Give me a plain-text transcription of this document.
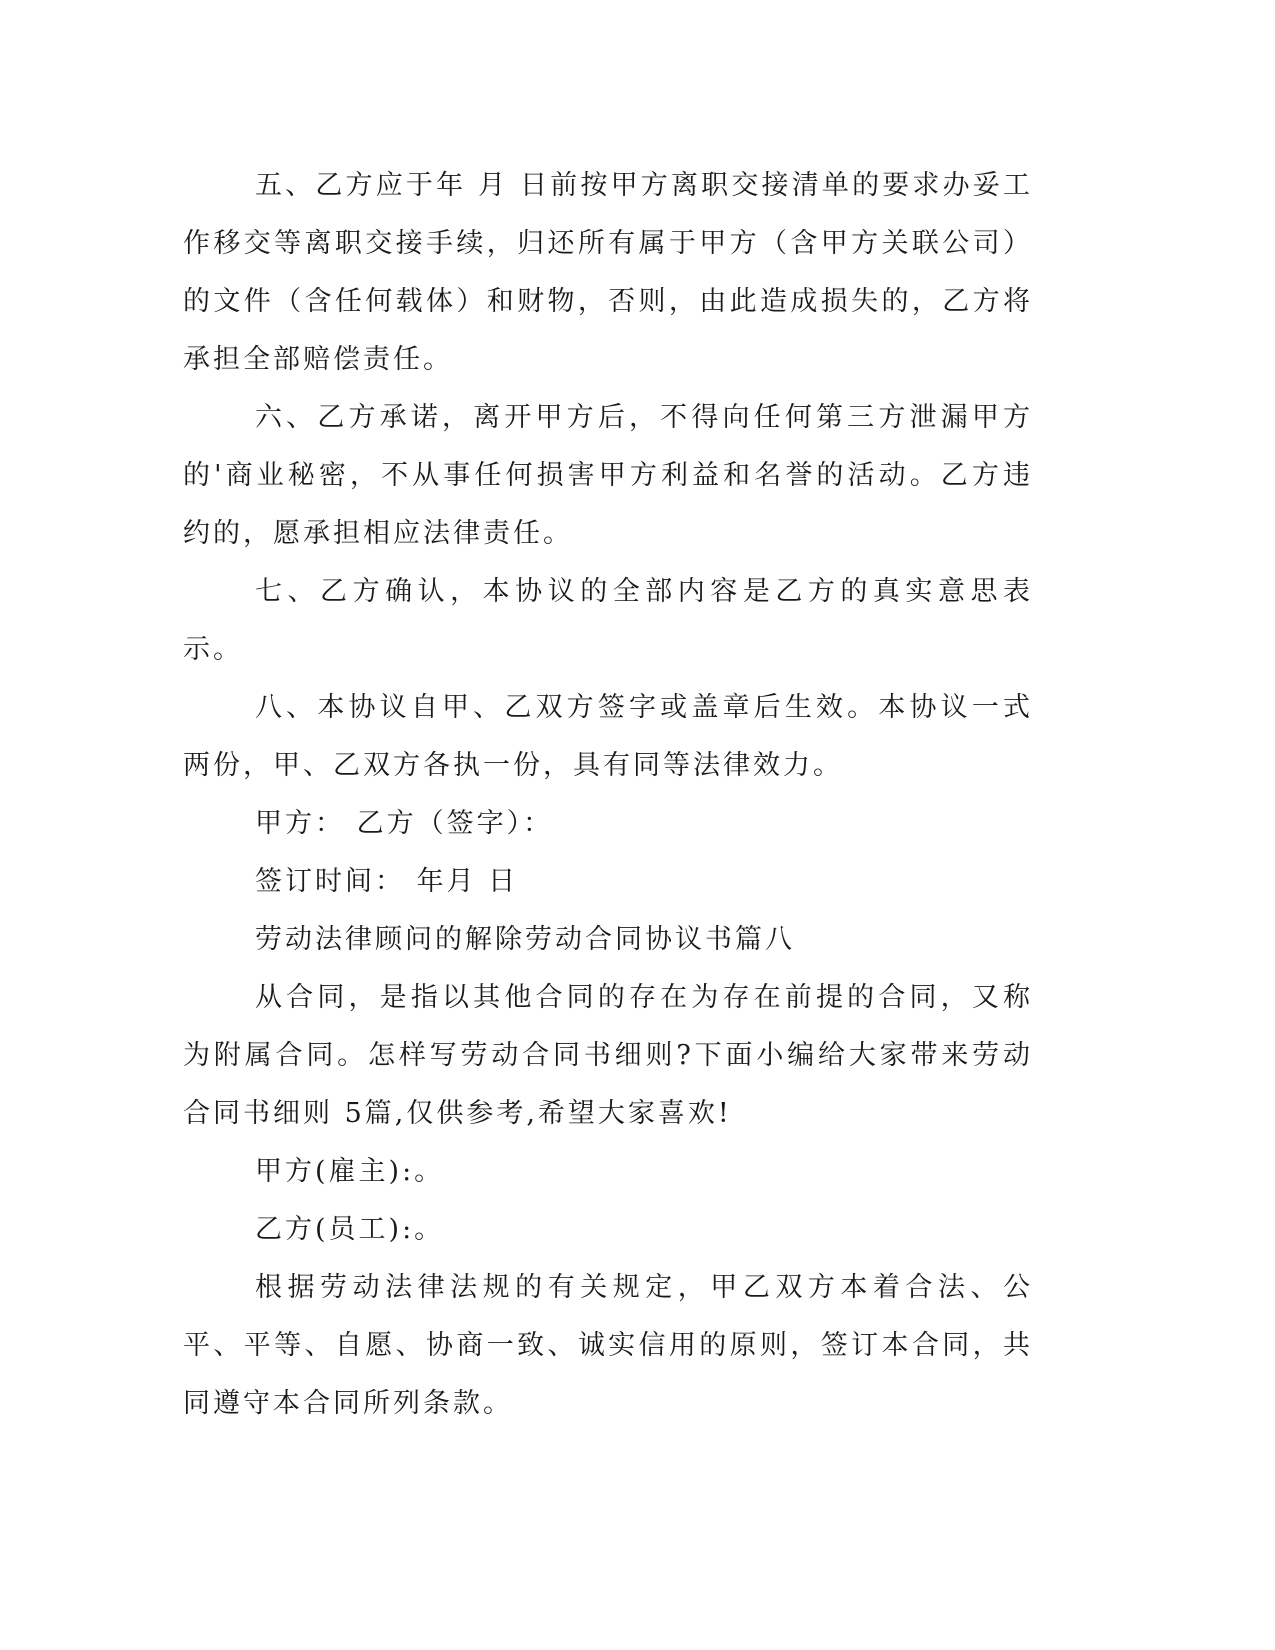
五、乙方应于年 月 日前按甲方离职交接清单的要求办妥工作移交等离职交接手续，归还所有属于甲方（含甲方关联公司）的文件（含任何载体）和财物，否则，由此造成损失的，乙方将承担全部赔偿责任。

六、乙方承诺，离开甲方后，不得向任何第三方泄漏甲方的'商业秘密，不从事任何损害甲方利益和名誉的活动。乙方违约的，愿承担相应法律责任。

七、乙方确认，本协议的全部内容是乙方的真实意思表示。

八、本协议自甲、乙双方签字或盖章后生效。本协议一式两份，甲、乙双方各执一份，具有同等法律效力。

甲方： 乙方（签字）：

签订时间： 年月 日

劳动法律顾问的解除劳动合同协议书篇八

从合同，是指以其他合同的存在为存在前提的合同，又称为附属合同。怎样写劳动合同书细则?下面小编给大家带来劳动合同书细则 5篇,仅供参考,希望大家喜欢!

甲方(雇主):。

乙方(员工):。

根据劳动法律法规的有关规定，甲乙双方本着合法、公平、平等、自愿、协商一致、诚实信用的原则，签订本合同，共同遵守本合同所列条款。
